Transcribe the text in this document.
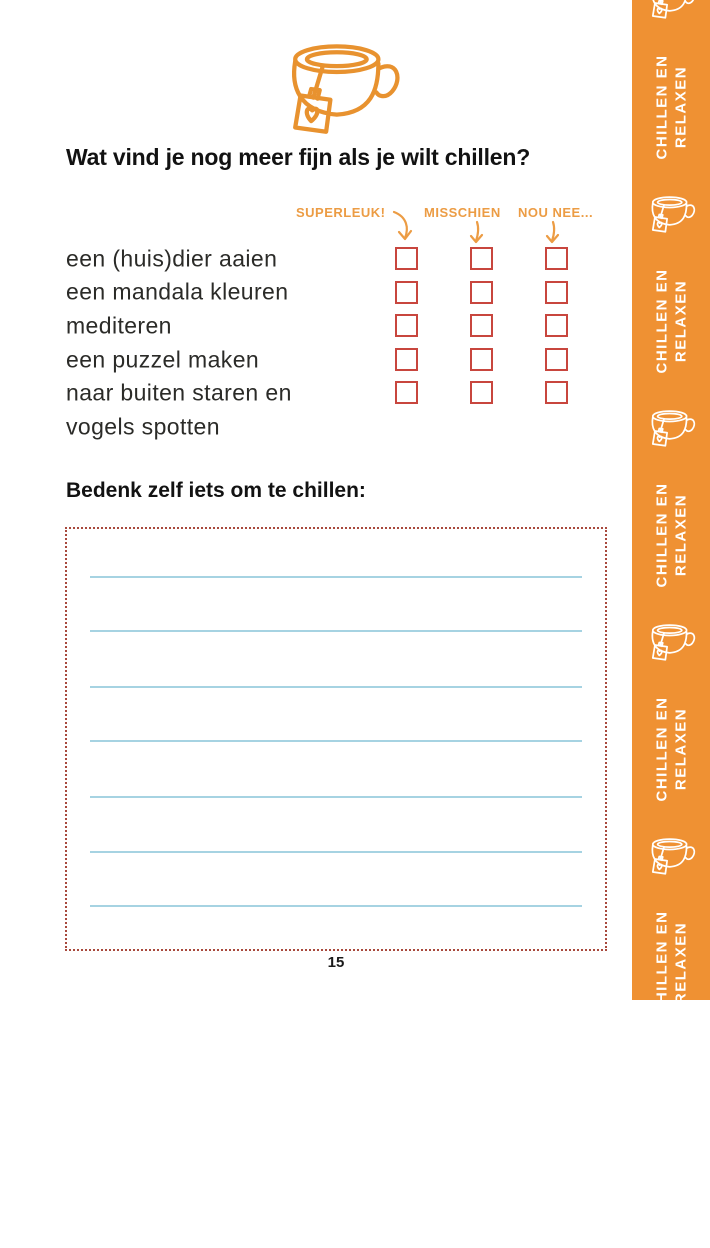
Wat vind je nog meer fijn als je wilt chillen?
SUPERLEUK!	MISSCHIEN NOU NEE...
een (huis)dier aaien
een mandala kleuren
mediteren
een puzzel maken
naar buiten staren en
vogels spotten
Bedenk zelf iets om te chillen:
15
CHILLEN EN RELAXEN
CHILLEN EN RELAXEN
CHILLEN EN RELAXEN
CHILLEN EN RELAXEN
CHILLEN EN RELAXEN
CHILLEN EN RELAXEN
